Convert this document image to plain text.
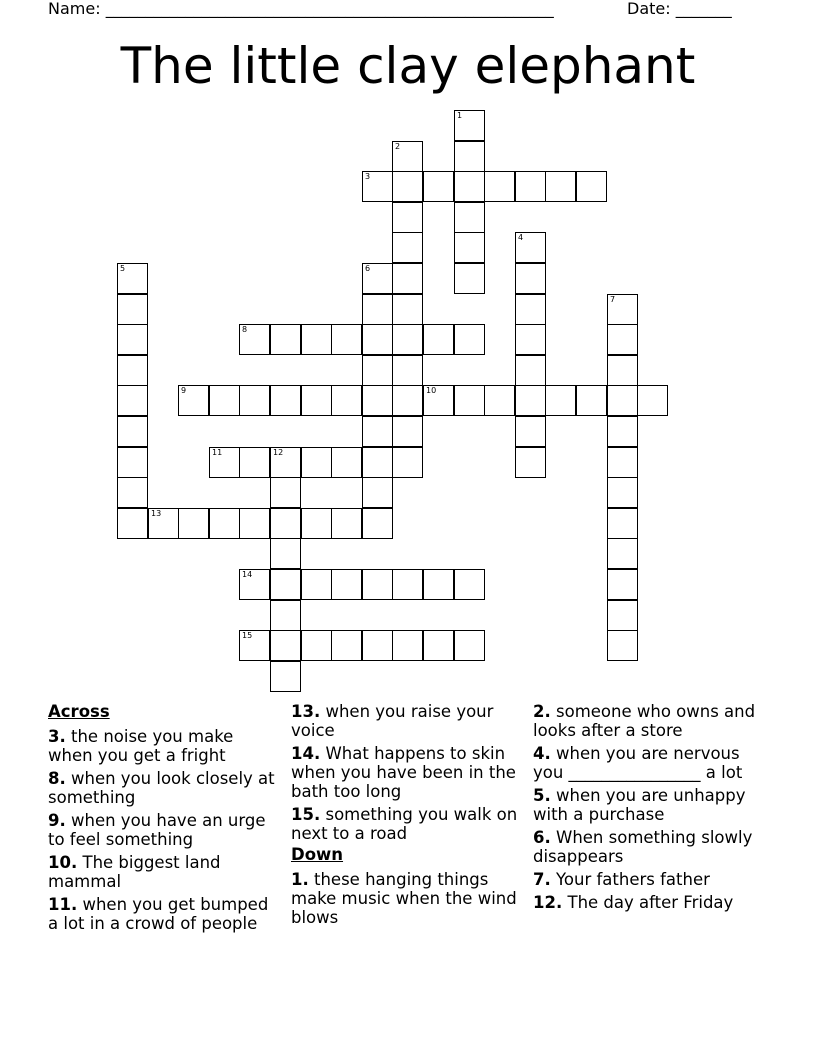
Name: ________________________________________________________	Date: _______
The little clay elephant
1
2
3
4
5	6
7
8
9	10
11	12
13
14
15
Across
3. the noise you make when you get a fright
8. when you look closely at something
9. when you have an urge to feel something
10. The biggest land mammal
11. when you get bumped a lot in a crowd of people
13. when you raise your voice
14. What happens to skin when you have been in the bath too long
15. something you walk on next to a road
Down
1. these hanging things make music when the wind blows
2. someone who owns and looks after a store
4. when you are nervous you ________________ a lot
5. when you are unhappy with a purchase
6. When something slowly disappears
7. Your fathers father
12. The day after Friday
